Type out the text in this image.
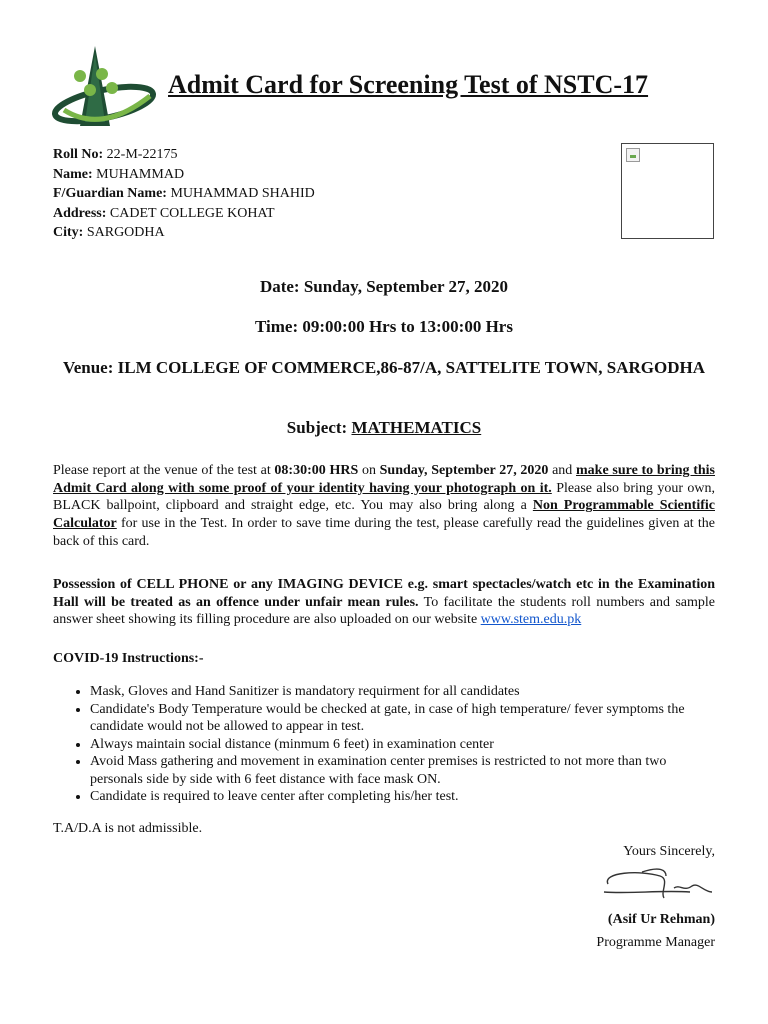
Admit Card for Screening Test of NSTC-17
Roll No: 22-M-22175
Name: MUHAMMAD
F/Guardian Name: MUHAMMAD SHAHID
Address: CADET COLLEGE KOHAT
City: SARGODHA
Date: Sunday, September 27, 2020
Time: 09:00:00 Hrs to 13:00:00 Hrs
Venue: ILM COLLEGE OF COMMERCE,86-87/A, SATTELITE TOWN, SARGODHA
Subject: MATHEMATICS

Please report at the venue of the test at 08:30:00 HRS on Sunday, September 27, 2020 and make sure to bring this Admit Card along with some proof of your identity having your photograph on it. Please also bring your own, BLACK ballpoint, clipboard and straight edge, etc. You may also bring along a Non Programmable Scientific Calculator for use in the Test. In order to save time during the test, please carefully read the guidelines given at the back of this card.

Possession of CELL PHONE or any IMAGING DEVICE e.g. smart spectacles/watch etc in the Examination Hall will be treated as an offence under unfair mean rules. To facilitate the students roll numbers and sample answer sheet showing its filling procedure are also uploaded on our website www.stem.edu.pk

COVID-19 Instructions:-

• Mask, Gloves and Hand Sanitizer is mandatory requirment for all candidates
• Candidate's Body Temperature would be checked at gate, in case of high temperature/ fever symptoms the candidate would not be allowed to appear in test.
• Always maintain social distance (minmum 6 feet) in examination center
• Avoid Mass gathering and movement in examination center premises is restricted to not more than two personals side by side with 6 feet distance with face mask ON.
• Candidate is required to leave center after completing his/her test.

T.A/D.A is not admissible.

Yours Sincerely,

(Asif Ur Rehman)

Programme Manager
